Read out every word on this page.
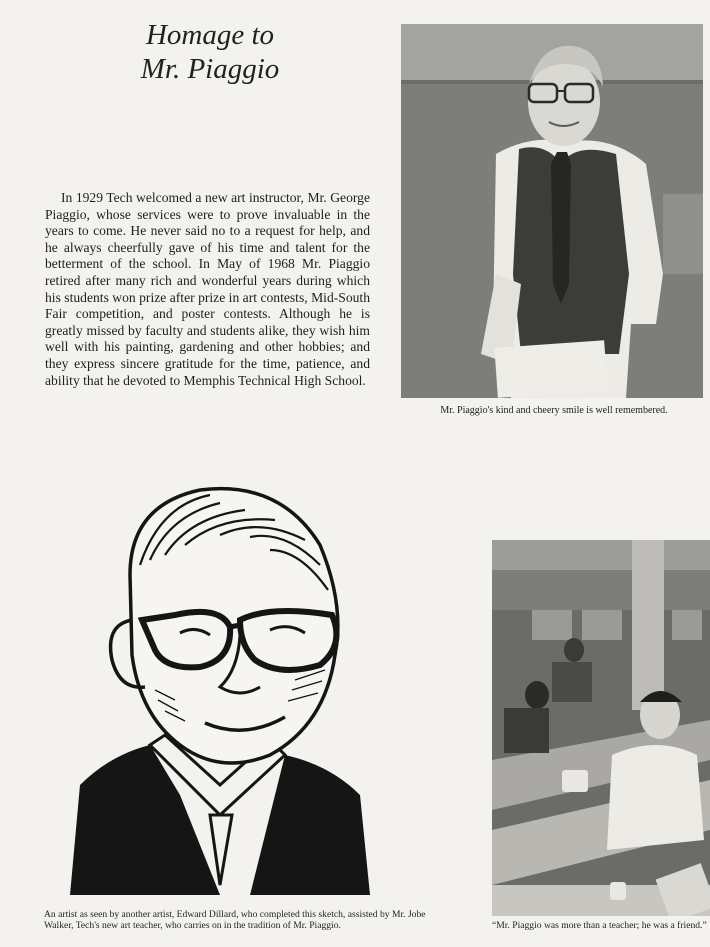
Homage to
Mr. Piaggio

In 1929 Tech welcomed a new art instructor, Mr. George Piaggio, whose services were to prove invaluable in the years to come. He never said no to a request for help, and he always cheerfully gave of his time and talent for the betterment of the school. In May of 1968 Mr. Piaggio retired after many rich and wonderful years during which his students won prize after prize in art contests, Mid-South Fair competition, and poster contests. Although he is greatly missed by faculty and students alike, they wish him well with his painting, gardening and other hobbies; and they express sincere gratitude for the time, patience, and ability that he devoted to Memphis Technical High School.

Mr. Piaggio's kind and cheery smile is well remembered.
An artist as seen by another artist, Edward Dillard, who completed this sketch, assisted by Mr. Jobe Walker, Tech's new art teacher, who carries on in the tradition of Mr. Piaggio.	“Mr. Piaggio was more than a teacher; he was a friend.”
